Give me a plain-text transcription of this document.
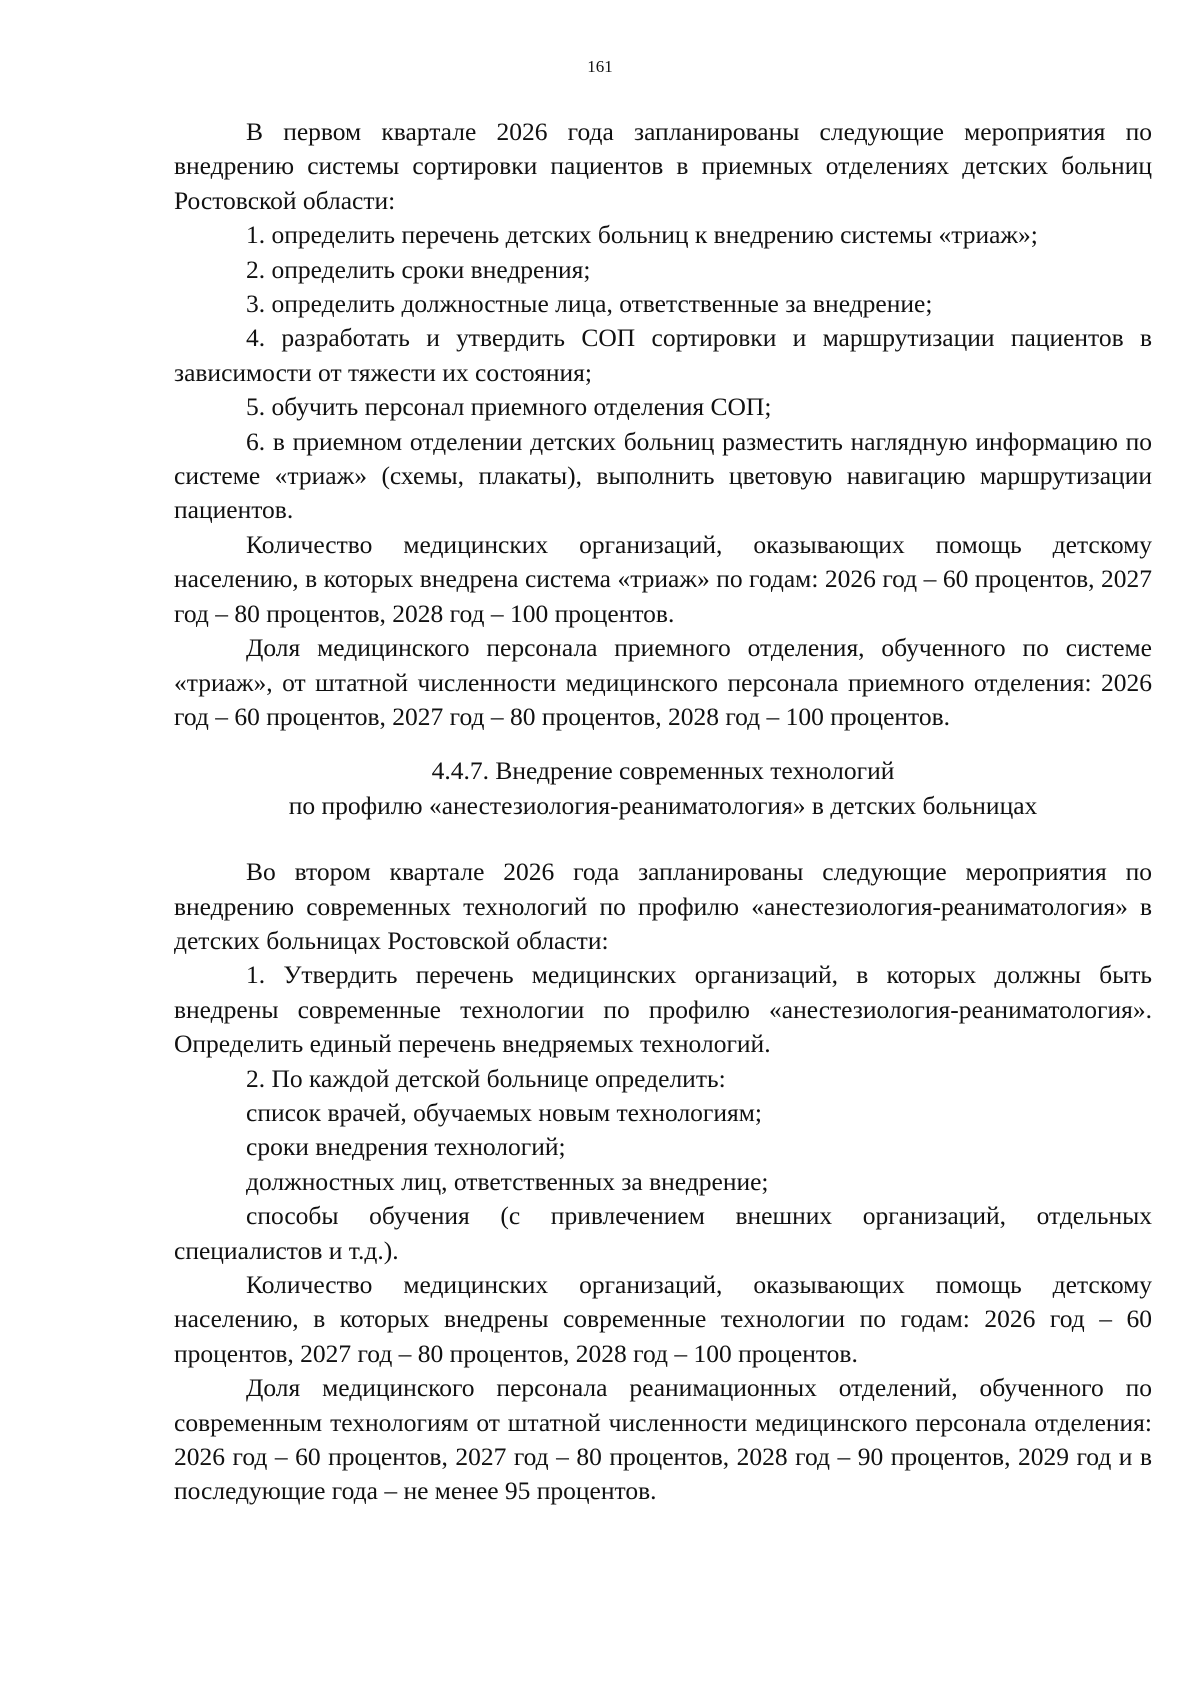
161

В первом квартале 2026 года запланированы следующие мероприятия по внедрению системы сортировки пациентов в приемных отделениях детских больниц Ростовской области:

1. определить перечень детских больниц к внедрению системы «триаж»;

2. определить сроки внедрения;

3. определить должностные лица, ответственные за внедрение;

4. разработать и утвердить СОП сортировки и маршрутизации пациентов в зависимости от тяжести их состояния;

5. обучить персонал приемного отделения СОП;

6. в приемном отделении детских больниц разместить наглядную информацию по системе «триаж» (схемы, плакаты), выполнить цветовую навигацию маршрутизации пациентов.

Количество медицинских организаций, оказывающих помощь детскому населению, в которых внедрена система «триаж» по годам: 2026 год – 60 процентов, 2027 год – 80 процентов, 2028 год – 100 процентов.

Доля медицинского персонала приемного отделения, обученного по системе «триаж», от штатной численности медицинского персонала приемного отделения: 2026 год – 60 процентов, 2027 год – 80 процентов, 2028 год – 100 процентов.

4.4.7. Внедрение современных технологий
по профилю «анестезиология-реаниматология» в детских больницах

Во втором квартале 2026 года запланированы следующие мероприятия по внедрению современных технологий по профилю «анестезиология-реаниматология» в детских больницах Ростовской области:

1. Утвердить перечень медицинских организаций, в которых должны быть внедрены современные технологии по профилю «анестезиология-реаниматология». Определить единый перечень внедряемых технологий.

2. По каждой детской больнице определить:

список врачей, обучаемых новым технологиям;

сроки внедрения технологий;

должностных лиц, ответственных за внедрение;

способы обучения (с привлечением внешних организаций, отдельных специалистов и т.д.).

Количество медицинских организаций, оказывающих помощь детскому населению, в которых внедрены современные технологии по годам: 2026 год – 60 процентов, 2027 год – 80 процентов, 2028 год – 100 процентов.

Доля медицинского персонала реанимационных отделений, обученного по современным технологиям от штатной численности медицинского персонала отделения: 2026 год – 60 процентов, 2027 год – 80 процентов, 2028 год – 90 процентов, 2029 год и в последующие года – не менее 95 процентов.
